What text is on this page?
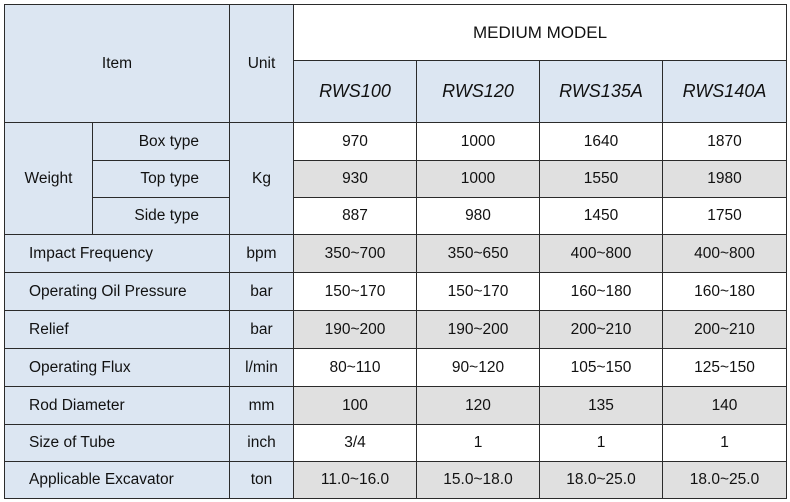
Item		Unit	MEDIUM MODEL			
			RWS100	RWS120	RWS135A	RWS140A
Weight	Box type	Kg	970	1000	1640	1870
	Top type		930	1000	1550	1980
	Side type		887	980	1450	1750
Impact Frequency		bpm	350~700	350~650	400~800	400~800
Operating Oil Pressure		bar	150~170	150~170	160~180	160~180
Relief		bar	190~200	190~200	200~210	200~210
Operating Flux		l/min	80~110	90~120	105~150	125~150
Rod Diameter		mm	100	120	135	140
Size of Tube		inch	3/4	1	1	1
Applicable Excavator		ton	11.0~16.0	15.0~18.0	18.0~25.0	18.0~25.0
